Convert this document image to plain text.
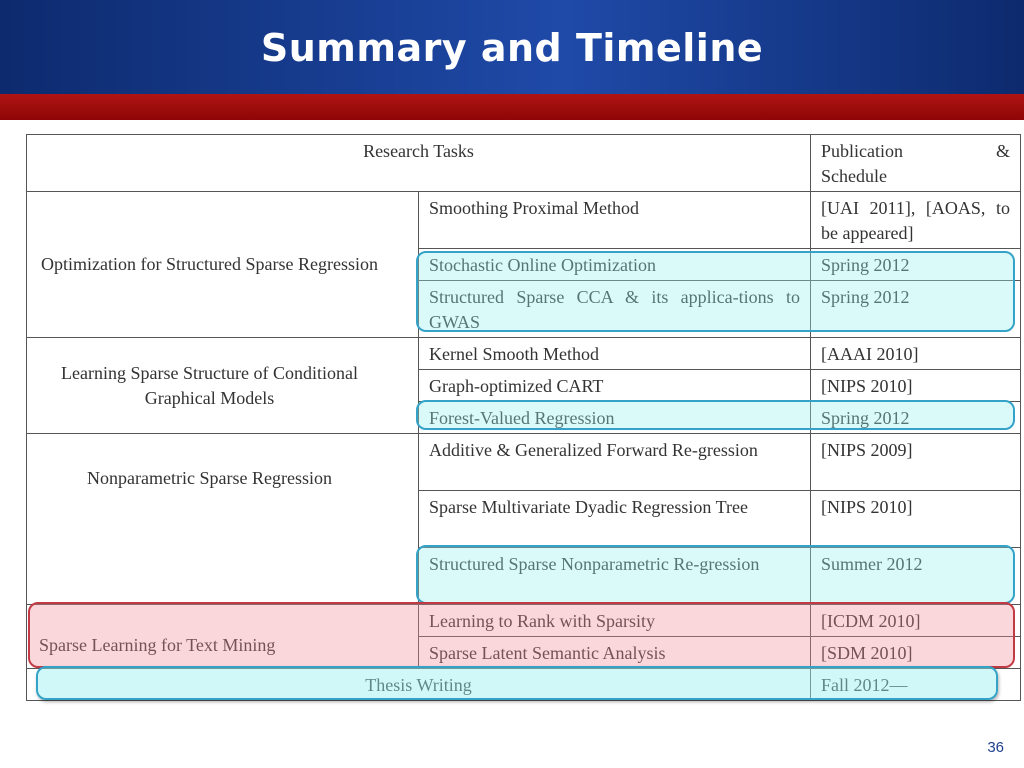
Summary and Timeline
Research Tasks		Publication &
Schedule

Optimization for Structured Sparse Regression	Smoothing Proximal Method	[UAI 2011], [AOAS, to be appeared]
	Stochastic Online Optimization	Spring 2012
	Structured Sparse CCA & its applica-tions to GWAS	Spring 2012
Learning Sparse Structure of Conditional Graphical Models	Kernel Smooth Method	[AAAI 2010]
	Graph-optimized CART	[NIPS 2010]
	Forest-Valued Regression	Spring 2012
Nonparametric Sparse Regression	Additive & Generalized Forward Re-gression	[NIPS 2009]
	Sparse Multivariate Dyadic Regression Tree	[NIPS 2010]
	Structured Sparse Nonparametric Re-gression	Summer 2012
Sparse Learning for Text Mining	Learning to Rank with Sparsity	[ICDM 2010]
	Sparse Latent Semantic Analysis	[SDM 2010]
Thesis Writing		Fall 2012—
36
